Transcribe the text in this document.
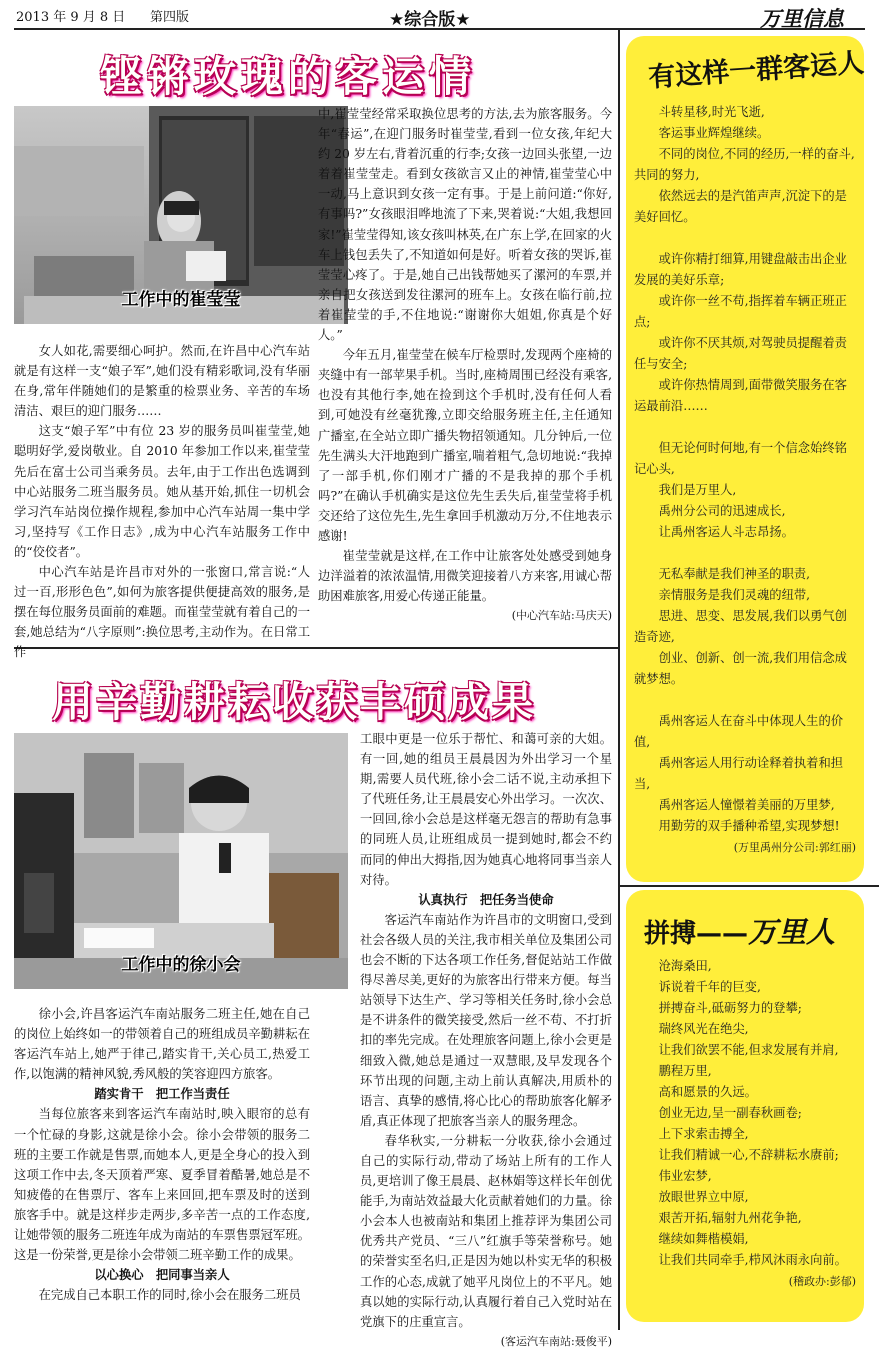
2013 年 9 月 8 日 第四版	★综合版★	万里信息
铿锵玫瑰的客运情
工作中的崔莹莹

女人如花,需要细心呵护。然而,在许昌中心汽车站就是有这样一支“娘子军”,她们没有精彩歌词,没有华丽在身,常年伴随她们的是繁重的检票业务、辛苦的车场清洁、艰巨的迎门服务……

这支“娘子军”中有位 23 岁的服务员叫崔莹莹,她聪明好学,爱岗敬业。自 2010 年参加工作以来,崔莹莹先后在富士公司当乘务员。去年,由于工作出色选调到中心站服务二班当服务员。她从基开始,抓住一切机会学习汽车站岗位操作规程,参加中心汽车站周一集中学习,坚持写《工作日志》,成为中心汽车站服务工作中的“佼佼者”。

中心汽车站是许昌市对外的一张窗口,常言说:“人过一百,形形色色”,如何为旅客提供便捷高效的服务,是摆在每位服务员面前的难题。而崔莹莹就有着自己的一套,她总结为“八字原则”:换位思考,主动作为。在日常工作

中,崔莹莹经常采取换位思考的方法,去为旅客服务。今年“春运”,在迎门服务时崔莹莹,看到一位女孩,年纪大约 20 岁左右,背着沉重的行李;女孩一边回头张望,一边着着崔莹莹走。看到女孩欲言又止的神情,崔莹莹心中一动,马上意识到女孩一定有事。于是上前问道:“你好,有事吗?”女孩眼泪哗地流了下来,哭着说:“大姐,我想回家!”崔莹莹得知,该女孩叫林英,在广东上学,在回家的火车上钱包丢失了,不知道如何是好。听着女孩的哭诉,崔莹莹心疼了。于是,她自己出钱帮她买了漯河的车票,并亲自把女孩送到发往漯河的班车上。女孩在临行前,拉着崔莹莹的手,不住地说:“谢谢你大姐姐,你真是个好人。”

今年五月,崔莹莹在候车厅检票时,发现两个座椅的夹缝中有一部苹果手机。当时,座椅周围已经没有乘客,也没有其他行李,她在捡到这个手机时,没有任何人看到,可她没有丝毫犹豫,立即交给服务班主任,主任通知广播室,在全站立即广播失物招领通知。几分钟后,一位先生满头大汗地跑到广播室,喘着粗气,急切地说:“我掉了一部手机,你们刚才广播的不是我掉的那个手机吗?”在确认手机确实是这位先生丢失后,崔莹莹将手机交还给了这位先生,先生拿回手机激动万分,不住地表示感谢!

崔莹莹就是这样,在工作中让旅客处处感受到她身边洋溢着的浓浓温情,用微笑迎接着八方来客,用诚心帮助困难旅客,用爱心传递正能量。

(中心汽车站:马庆天)

用辛勤耕耘收获丰硕成果
工作中的徐小会

徐小会,许昌客运汽车南站服务二班主任,她在自己的岗位上始终如一的带领着自己的班组成员辛勤耕耘在客运汽车站上,她严于律己,踏实肯干,关心员工,热爱工作,以饱满的精神风貌,秀风般的笑容迎四方旅客。

踏实肯干　把工作当责任

当每位旅客来到客运汽车南站时,映入眼帘的总有一个忙碌的身影,这就是徐小会。徐小会带领的服务二班的主要工作就是售票,而她本人,更是全身心的投入到这项工作中去,冬天顶着严寒、夏季冒着酷暑,她总是不知疲倦的在售票厅、客车上来回回,把车票及时的送到旅客手中。就是这样步走两步,多辛苦一点的工作态度,让她带领的服务二班连年成为南站的车票售票冠军班。这是一份荣誉,更是徐小会带领二班辛勤工作的成果。

以心换心　把同事当亲人

在完成自己本职工作的同时,徐小会在服务二班员

工眼中更是一位乐于帮忙、和蔼可亲的大姐。有一回,她的组员王晨晨因为外出学习一个星期,需要人员代班,徐小会二话不说,主动承担下了代班任务,让王晨晨安心外出学习。一次次、一回回,徐小会总是这样毫无怨言的帮助有急事的同班人员,让班组成员一提到她时,都会不约而同的伸出大拇指,因为她真心地将同事当亲人对待。

认真执行　把任务当使命

客运汽车南站作为许昌市的文明窗口,受到社会各级人员的关注,我市相关单位及集团公司也会不断的下达各项工作任务,督促站站工作做得尽善尽美,更好的为旅客出行带来方便。每当站领导下达生产、学习等相关任务时,徐小会总是不讲条件的微笑接受,然后一丝不苟、不打折扣的率先完成。在处理旅客问题上,徐小会更是细致入微,她总是通过一双慧眼,及早发现各个环节出现的问题,主动上前认真解决,用质朴的语言、真挚的感情,将心比心的帮助旅客化解矛盾,真正体现了把旅客当亲人的服务理念。

春华秋实,一分耕耘一分收获,徐小会通过自己的实际行动,带动了场站上所有的工作人员,更培训了像王晨晨、赵林娟等这样长年创优能手,为南站效益最大化贡献着她们的力量。徐小会本人也被南站和集团上推荐评为集团公司优秀共产党员、“三八”红旗手等荣誉称号。她的荣誉实至名归,正是因为她以朴实无华的积极工作的心态,成就了她平凡岗位上的不平凡。她真以她的实际行动,认真履行着自己入党时站在党旗下的庄重宣言。

(客运汽车南站:聂俊平)

有这样一群客运人

斗转星移,时光飞逝,

客运事业辉煌继续。

不同的岗位,不同的经历,一样的奋斗,共同的努力,

依然远去的是汽笛声声,沉淀下的是美好回忆。

或许你精打细算,用键盘敲击出企业发展的美好乐章;

或许你一丝不苟,指挥着车辆正班正点;

或许你不厌其烦,对驾驶员提醒着责任与安全;

或许你热情周到,面带微笑服务在客运最前沿……

但无论何时何地,有一个信念始终铭记心头,

我们是万里人,

禹州分公司的迅速成长,

让禹州客运人斗志昂扬。

无私奉献是我们神圣的职责,

亲情服务是我们灵魂的纽带,

思进、思变、思发展,我们以勇气创造奇迹,

创业、创新、创一流,我们用信念成就梦想。

禹州客运人在奋斗中体现人生的价值,

禹州客运人用行动诠释着执着和担当,

禹州客运人憧憬着美丽的万里梦,

用勤劳的双手播种希望,实现梦想!

(万里禹州分公司:郭红丽)

拼搏——万里人

沧海桑田,

诉说着千年的巨变,

拼搏奋斗,砥砺努力的登攀;

瑞终风光在绝尖,

让我们欲罢不能,但求发展有并肩,

鹏程万里,

高和愿景的久远。

创业无边,呈一副春秋画卷;

上下求索击搏全,

让我们精诚一心,不辞耕耘水赓前;

伟业宏梦,

放眼世界立中原,

艰苦开拓,辐射九州花争艳,

继续如舞楷模娟,

让我们共同牵手,栉风沐雨永向前。

(稽政办:彭郁)
